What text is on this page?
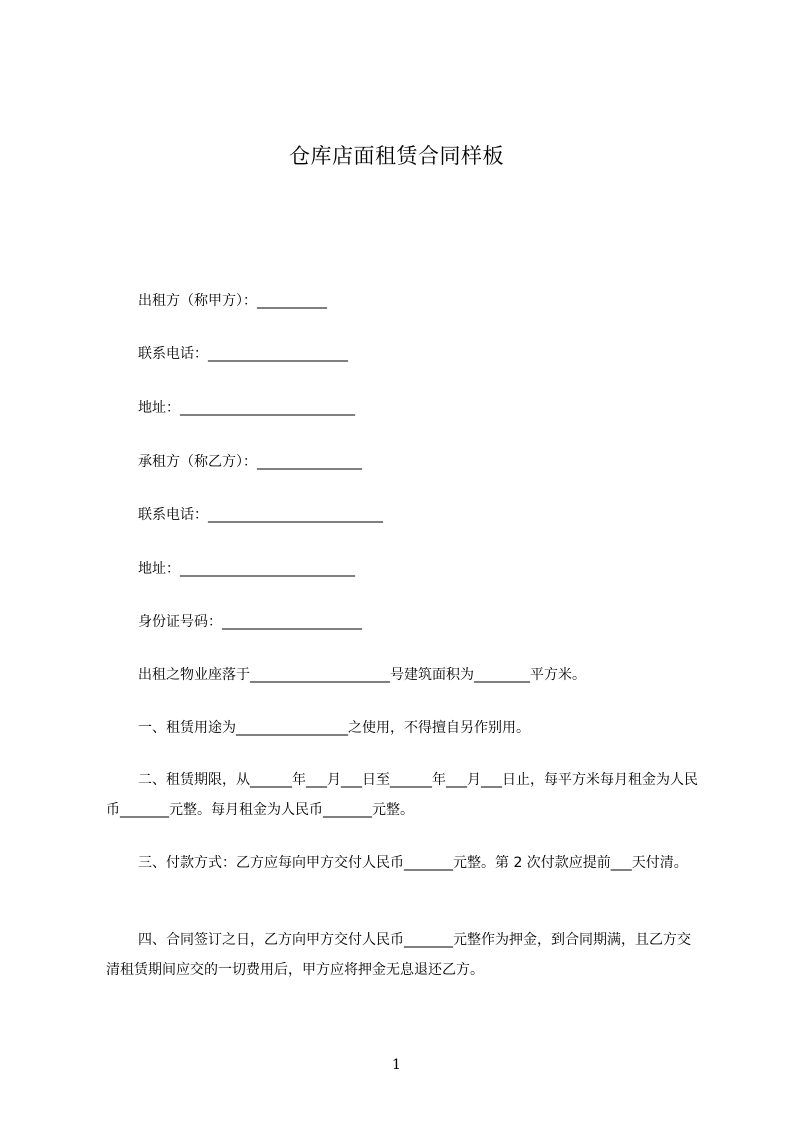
仓库店面租赁合同样板

出租方（称甲方）：__________

联系电话：____________________

地址：_________________________

承租方（称乙方）：_______________

联系电话：_________________________

地址：_________________________

身份证号码：____________________

出租之物业座落于____________________号建筑面积为________平方米。

一、租赁用途为________________之使用，不得擅自另作别用。

二、租赁期限，从______年___月___日至______年___月___日止，每平方米每月租金为人民币_______元整。每月租金为人民币_______元整。

三、付款方式：乙方应每向甲方交付人民币_______元整。第 2 次付款应提前___天付清。

四、合同签订之日，乙方向甲方交付人民币_______元整作为押金，到合同期满，且乙方交清租赁期间应交的一切费用后，甲方应将押金无息退还乙方。

1
